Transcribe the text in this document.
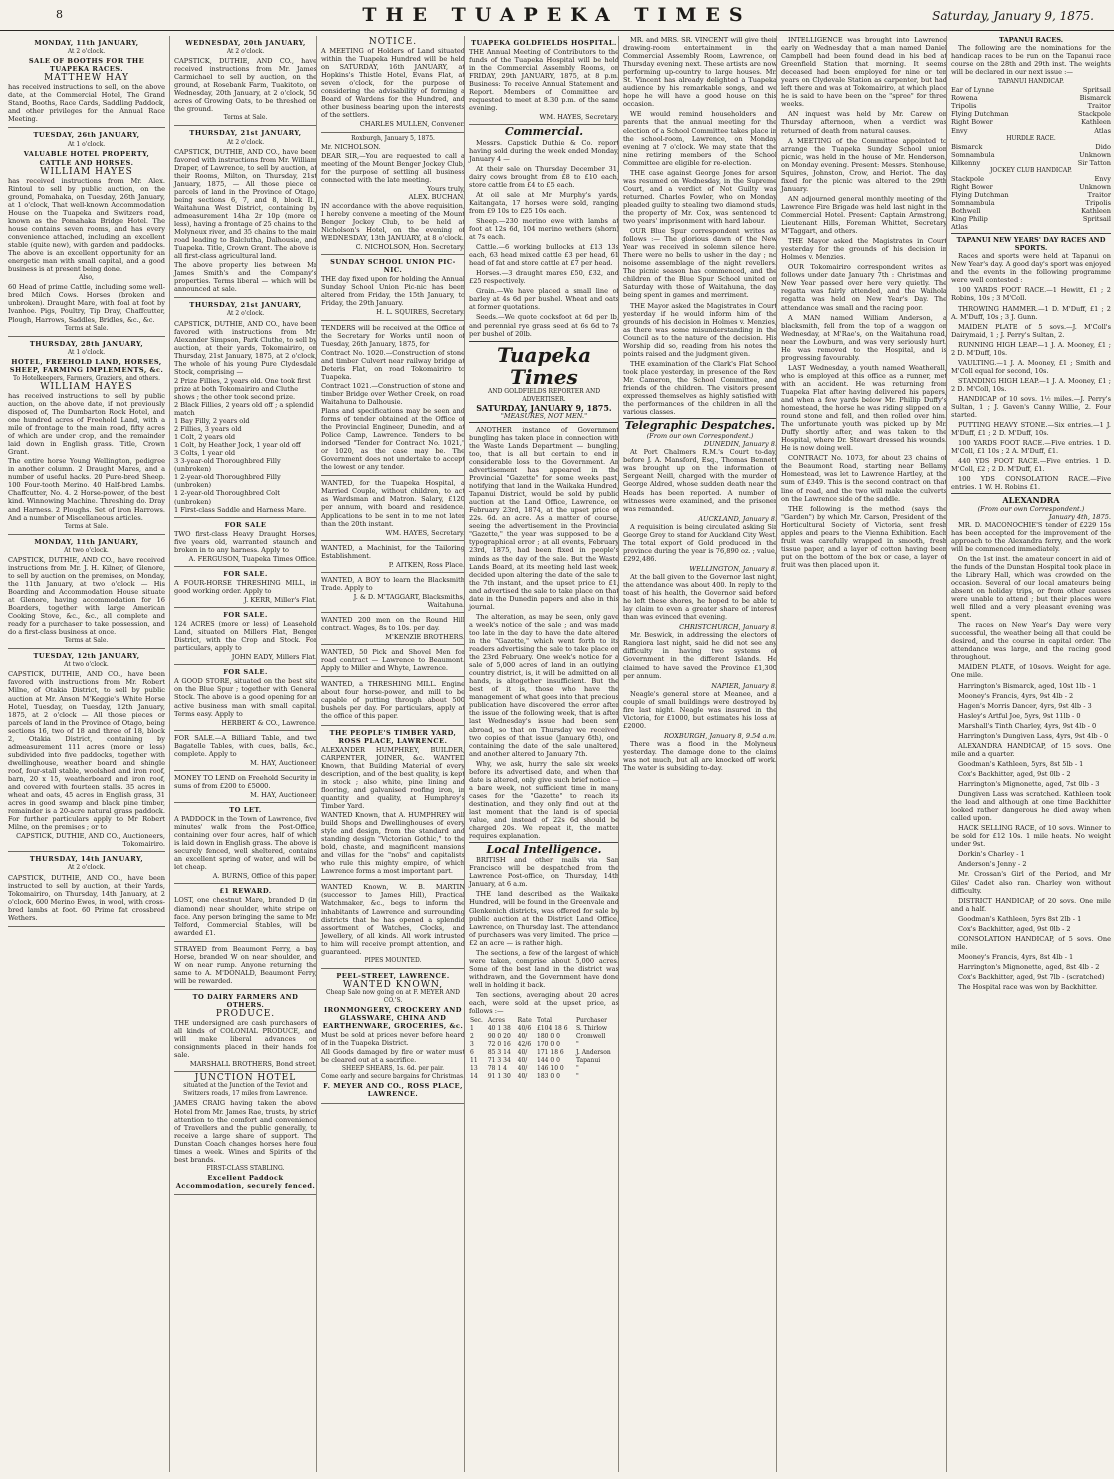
8	THE TUAPEKA TIMES	Saturday, January 9, 1875.
MONDAY, 11th JANUARY,
At 2 o'clock.
SALE OF BOOTHS FOR THE TUAPEKA RACES.
MATTHEW HAY

has received instructions to sell, on the above date, at the Commercial Hotel, The Grand Stand, Booths, Race Cards, Saddling Paddock, and other privileges for the Annual Race Meeting.

TUESDAY, 26th JANUARY,
At 1 o'clock.
VALUABLE HOTEL PROPERTY,
CATTLE AND HORSES.
WILLIAM HAYES

has received instructions from Mr. Alex. Rintoul to sell by public auction, on the ground, Pomahaka, on Tuesday, 26th January, at 1 o'clock, That well-known Accommodation House on the Tuapeka and Switzers road, known as the Pomahaka Bridge Hotel. The house contains seven rooms, and has every convenience attached, including an excellent stable (quite new), with garden and paddocks. The above is an excellent opportunity for an energetic man with small capital, and a good business is at present being done.

Also,

60 Head of prime Cattle, including some well-bred Milch Cows. Horses (broken and unbroken). Draught Mare, with foal at foot by Ivanhoe. Pigs, Poultry, Tip Dray, Chaffcutter, Plough, Harrows, Saddles, Bridles, &c., &c.

Terms at Sale.
THURSDAY, 28th JANUARY,
At 1 o'clock.
HOTEL, FREEHOLD LAND, HORSES, SHEEP, FARMING IMPLEMENTS, &c.
To Hotelkeepers, Farmers, Graziers, and others.
WILLIAM HAYES

has received instructions to sell by public auction, on the above date, if not previously disposed of, The Dumbarton Rock Hotel, and one hundred acres of Freehold Land, with a mile of frontage to the main road, fifty acres of which are under crop, and the remainder laid down in English grass. Title, Crown Grant.

The entire horse Young Wellington, pedigree in another column. 2 Draught Mares, and a number of useful hacks. 20 Pure-bred Sheep. 100 Four-tooth Merino. 40 Half-bred Lambs. Chaffcutter, No. 4. 2 Horse-power, of the best kind. Winnowing Machine. Threshing do. Dray and Harness. 2 Ploughs. Set of iron Harrows. And a number of Miscellaneous articles.

Terms at Sale.
MONDAY, 11th JANUARY,
At two o'clock.

CAPSTICK, DUTHIE, AND CO., have received instructions from Mr. J. H. Kilner, of Glenore, to sell by auction on the premises, on Monday, the 11th January, at two o'clock — His Boarding and Accommodation House situate at Glenore, having accommodation for 16 Boarders, together with large American Cooking Stove, &c., &c., all complete and ready for a purchaser to take possession, and do a first-class business at once.

Terms at Sale.
TUESDAY, 12th JANUARY,
At two o'clock.

CAPSTICK, DUTHIE, AND CO., have been favored with instructions from Mr. Robert Milne, of Otakia District, to sell by public auction at Mr. Anson M'Keggie's White Horse Hotel, Tuesday, on Tuesday, 12th January, 1875, at 2 o'clock — All those pieces or parcels of land in the Province of Otago, being sections 16, two of 18 and three of 18, block 2, Otakia District, containing by admeasurement 111 acres (more or less) subdivided into five paddocks, together with dwellinghouse, weather board and shingle roof, four-stall stable, woolshed and iron roof, barn, 20 x 15, weatherboard and iron roof, and covered with fourteen stalls. 35 acres in wheat and oats, 45 acres in English grass, 31 acres in good swamp and black pine timber, remainder is a 20-acre natural grass paddock. For further particulars apply to Mr Robert Milne, on the premises ; or to

CAPSTICK, DUTHIE, AND CO., Auctioneers, Tokomairiro.
THURSDAY, 14th JANUARY,
At 2 o'clock.

CAPSTICK, DUTHIE, AND CO., have been instructed to sell by auction, at their Yards, Tokomairiro, on Thursday, 14th January, at 2 o'clock, 600 Merino Ewes, in wool, with cross-bred lambs at foot. 60 Prime fat crossbred Wethers.

WEDNESDAY, 20th JANUARY,
At 2 o'clock.

CAPSTICK, DUTHIE, AND CO., have received instructions from Mr. James Carmichael to sell by auction, on the ground, at Rosebank Farm, Tuakitoto, on Wednesday, 20th January, at 2 o'clock, 50 acres of Growing Oats, to be threshed on the ground.

Terms at Sale.
THURSDAY, 21st JANUARY,
At 2 o'clock.

CAPSTICK, DUTHIE, AND CO., have been favored with instructions from Mr. William Draper, of Lawrence, to sell by auction, at their Rooms, Milton, on Thursday, 21st January, 1875, — All those piece or parcels of land in the Province of Otago, being sections 6, 7, and 8, block II., Waitahuna West District, containing by admeasurement 14ha 2r 10p (more or less), having a frontage of 25 chains to the Molyneux river, and 35 chains to the main road leading to Balclutha, Dalhousie, and Tuapeka. Title, Crown Grant. The above is all first-class agricultural land.

The above property lies between Mr James Smith's and the Company's properties. Terms liberal — which will be announced at sale.

THURSDAY, 21st JANUARY,
At 2 o'clock.

CAPSTICK, DUTHIE, AND CO., have been favored with instructions from Mr. Alexander Simpson, Park Cluthe, to sell by auction, at their yards, Tokomairiro, on Thursday, 21st January, 1875, at 2 o'clock, The whole of his young Pure Clydesdale Stock, comprising —

2 Prize Fillies, 2 years old. One took first prize at both Tokomairiro and Cluthe shows ; the other took second prize.
2 Black Fillies, 2 years old off ; a splendid match
1 Bay Filly, 2 years old
2 Fillies, 3 years old
1 Colt, 2 years old
1 Colt, by Heather Jock, 1 year old off
3 Colts, 1 year old
3 3-year-old Thoroughbred Filly (unbroken)
1 2-year-old Thoroughbred Filly (unbroken)
1 2-year-old Thoroughbred Colt (unbroken)
1 First-class Saddle and Harness Mare.
FOR SALE

TWO first-class Heavy Draught Horses, five years old, warranted staunch and broken in to any harness. Apply to

A. FERGUSON, Tuapeka Times Office.
FOR SALE.

A FOUR-HORSE THRESHING MILL, in good working order. Apply to

J. KERR, Miller's Flat.
FOR SALE.

124 ACRES (more or less) of Leasehold Land, situated on Millers Flat, Benger District, with the Crop and Stock. For particulars, apply to

JOHN EADY, Millers Flat.
FOR SALE.

A GOOD STORE, situated on the best site on the Blue Spur ; together with General Stock. The above is a good opening for an active business man with small capital. Terms easy. Apply to

HERBERT & CO., Lawrence.

FOR SALE.—A Billiard Table, and two Bagatelle Tables, with cues, balls, &c., complete. Apply to

M. HAY, Auctioneer.

MONEY TO LEND on Freehold Security in sums of from £200 to £5000.

M. HAY, Auctioneer.
TO LET.

A PADDOCK in the Town of Lawrence, five minutes' walk from the Post-Office, containing over four acres, half of which is laid down in English grass. The above is securely fenced, well sheltered, contains an excellent spring of water, and will be let cheap.

A. BURNS, Office of this paper.
£1 REWARD.

LOST, one chestnut Mare, branded D (in diamond) near shoulder, white stripe on face. Any person bringing the same to Mr. Telford, Commercial Stables, will be awarded £1.

STRAYED from Beaumont Ferry, a bay Horse, branded W on near shoulder, and W on near rump. Anyone returning the same to A. M'DONALD, Beaumont Ferry, will be rewarded.

TO DAIRY FARMERS AND OTHERS.
PRODUCE.

THE undersigned are cash purchasers of all kinds of COLONIAL PRODUCE, and will make liberal advances on consignments placed in their hands for sale.

MARSHALL BROTHERS, Bond street.
JUNCTION HOTEL
situated at the Junction of the Teviot and Switzers roads, 17 miles from Lawrence.

JAMES CRAIG having taken the above Hotel from Mr. James Rae, trusts, by strict attention to the comfort and convenience of Travellers and the public generally, to receive a large share of support. The Dunstan Coach changes horses here four times a week. Wines and Spirits of the best brands.

FIRST-CLASS STABLING.
Excellent Paddock Accommodation, securely fenced.
NOTICE.

A MEETING of Holders of Land situated within the Tuapeka Hundred will be held on SATURDAY, 16th JANUARY, at Hopkins's Thistle Hotel, Evans Flat, at seven o'clock, for the purpose of considering the advisability of forming a Board of Wardens for the Hundred, and other business bearing upon the interests of the settlers.

CHARLES MULLEN, Convener.
Roxburgh, January 5, 1875.
Mr. NICHOLSON.

DEAR SIR,—You are requested to call a meeting of the Mount Benger Jockey Club, for the purpose of settling all business connected with the late meeting.

Yours truly,
ALEX. BUCHAN.

IN accordance with the above requisition, I hereby convene a meeting of the Mount Benger Jockey Club, to be held at Nicholson's Hotel, on the evening of WEDNESDAY, 13th JANUARY, at 8 o'clock.

C. NICHOLSON, Hon. Secretary.
SUNDAY SCHOOL UNION PIC-NIC.

THE day fixed upon for holding the Annual Sunday School Union Pic-nic has been altered from Friday, the 15th January, to Friday, the 29th January.

H. L. SQUIRES, Secretary.

TENDERS will be received at the Office of the Secretary for Works until noon of Tuesday, 26th January, 1875, for

Contract No. 1020.—Construction of stone and timber Culvert near railway bridge at Deteris Flat, on road Tokomairiro to Tuapeka.

Contract 1021.—Construction of stone and timber Bridge over Wether Creek, on road Waitahuna to Dalhousie.

Plans and specifications may be seen and forms of tender obtained at the Office of the Provincial Engineer, Dunedin, and at Police Camp, Lawrence. Tenders to be indorsed "Tender for Contract No. 1021," or 1020, as the case may be. The Government does not undertake to accept the lowest or any tender.

WANTED, for the Tuapeka Hospital, a Married Couple, without children, to act as Wardsman and Matron. Salary, £120 per annum, with board and residence. Applications to be sent in to me not later than the 20th instant.

WM. HAYES, Secretary.

WANTED, a Machinist, for the Tailoring Establishment.

P. AITKEN, Ross Place.

WANTED, A BOY to learn the Blacksmith Trade. Apply to

J. & D. M'TAGGART, Blacksmiths, Waitahuna.

WANTED 200 men on the Round Hill contract. Wages, 8s to 10s. per day.

M'KENZIE BROTHERS.

WANTED, 50 Pick and Shovel Men for road contract — Lawrence to Beaumont. Apply to Miller and Whyte, Lawrence.

WANTED, a THRESHING MILL. Engine about four horse-power, and mill to be capable of putting through about 500 bushels per day. For particulars, apply at the office of this paper.

THE PEOPLE'S TIMBER YARD, ROSS PLACE, LAWRENCE.

ALEXANDER HUMPHREY, BUILDER, CARPENTER, JOINER, &c. WANTED Known, that Building Material of every description, and of the best quality, is kept in stock ; also white, pine lining and flooring, and galvanised roofing iron, in quantity and quality, at Humphrey's Timber Yard.

WANTED Known, that A. HUMPHREY will build Shops and Dwellinghouses of every style and design, from the standard and standing design "Victorian Gothic," to the bold, chaste, and magnificent mansions and villas for the "nobs" and capitalists who rule this mighty empire, of which Lawrence forms a most important part.

WANTED Known, W. B. MARTIN (successor to James Hill), Practical Watchmaker, &c., begs to inform the inhabitants of Lawrence and surrounding districts that he has opened a splendid assortment of Watches, Clocks, and Jewellery, of all kinds. All work intrusted to him will receive prompt attention, and guaranteed.

PIPES MOUNTED.
PEEL-STREET, LAWRENCE.
WANTED KNOWN,
Cheap Sale now going on at F. MEYER AND CO.'S.
IRONMONGERY, CROCKERY AND GLASSWARE, CHINA AND EARTHENWARE, GROCERIES, &c.

Must be sold at prices never before heard of in the Tuapeka District.

All Goods damaged by fire or water must be cleared out at a sacrifice.

SHEEP SHEARS, 1s. 6d. per pair.
Come early and secure bargains for Christmas.
F. MEYER AND CO., ROSS PLACE, LAWRENCE.
TUAPEKA GOLDFIELDS HOSPITAL.

THE Annual Meeting of Contributors to the funds of the Tuapeka Hospital will be held in the Commercial Assembly Rooms, on FRIDAY, 29th JANUARY, 1875, at 8 p.m. Business: To receive Annual Statement and Report. Members of Committee are requested to meet at 8.30 p.m. of the same evening.

WM. HAYES, Secretary.
Commercial.

Messrs. Capstick Duthie & Co. report having sold during the week ended Monday, January 4 —

At their sale on Thursday December 31, dairy cows brought from £8 to £10 each, store cattle from £4 to £5 each.

At oil sale at Mr Murphy's yards, Kaitangata, 17 horses were sold, ranging from £9 10s to £25 10s each.

Sheep.—230 merino ewe with lambs at foot at 12s 6d, 104 merino wethers (shorn) at 7s each.

Cattle.—6 working bullocks at £13 13s each, 63 head mixed cattle £3 per head, 61 head of fat and store cattle at £7 per head.

Horses.—3 draught mares £50, £32, and £25 respectively.

Grain.—We have placed a small line of barley at 4s 6d per bushel. Wheat and oats at former quotations.

Seeds.—We quote cocksfoot at 6d per lb, and perennial rye grass seed at 6s 6d to 7s per bushel of 20lb.

Tuapeka Times
AND GOLDFIELDS REPORTER AND ADVERTISER.
SATURDAY, JANUARY 9, 1875.
"MEASURES, NOT MEN."

ANOTHER instance of Government bungling has taken place in connection with the Waste Lands Department — bungling, too, that is all but certain to end in considerable loss to the Government. An advertisement has appeared in the Provincial "Gazette" for some weeks past, notifying that land in the Waikaka Hundred, Tapanui District, would be sold by public auction at the Land Office, Lawrence, on February 23rd, 1874, at the upset price of 22s. 6d. an acre. As a matter of course, seeing the advertisement in the Provincial "Gazette," the year was supposed to be a typographical error ; at all events, February 23rd, 1875, had been fixed in people's minds as the day of the sale. But the Waste Lands Board, at its meeting held last week, decided upon altering the date of the sale to the 7th instant, and the upset price to £1, and advertised the sale to take place on that date in the Dunedin papers and also in this journal.

The alteration, as may be seen, only gave a week's notice of the sale ; and was made too late in the day to have the date altered in the "Gazette," which went forth to its readers advertising the sale to take place on the 23rd February. One week's notice for a sale of 5,000 acres of land in an outlying country district, is, it will be admitted on all hands, is altogether insufficient. But the best of it is, those who have the management of what goes into that precious publication have discovered the error after the issue of the following week, that is after last Wednesday's issue had been sent abroad, so that on Thursday we received two copies of that issue (January 6th), one containing the date of the sale unaltered, and another altered to January 7th.

Why, we ask, hurry the sale six weeks before its advertised date, and when that date is altered, only give such brief notice — a bare week, not sufficient time in many cases for the "Gazette" to reach its destination, and they only find out at the last moment that the land is of special value, and instead of 22s 6d should be charged 20s. We repeat it, the matter requires explanation.

Local Intelligence.

BRITISH and other mails via San Francisco will be despatched from the Lawrence Post-office, on Thursday, 14th January, at 6 a.m.

THE land described as the Waikaka Hundred, will be found in the Greenvale and Glenkenich districts, was offered for sale by public auction at the District Land Office, Lawrence, on Thursday last. The attendance of purchasers was very limited. The price — £2 an acre — is rather high.

The sections, a few of the largest of which were taken, comprise about 5,000 acres. Some of the best land in the district was withdrawn, and the Government have done well in holding it back.

Ten sections, averaging about 20 acres each, were sold at the upset price, as follows :—

Sec.	Acres	Rate	Total	Purchaser
1	40 1 38	40/6	£104 18 6	S. Thirlow
2	90 0 20	40/	180 0 0	Cromwell
3	72 0 16	42/6	170 0 0	"
6	85 3 14	40/	171 18 6	J. Anderson
11	71 3 34	40/	144 0 0	Tapanui
13	78 1 4	40/	146 10 0	"
14	91 1 30	40/	183 0 0	"

MR. and MRS. SR. VINCENT will give their drawing-room entertainment in the Commercial Assembly Room, Lawrence, on Thursday evening next. These artists are now performing up-country to large houses. Mr. St. Vincent has already delighted a Tuapeka audience by his remarkable songs, and we hope he will have a good house on this occasion.

WE would remind householders and parents that the annual meeting for the election of a School Committee takes place in the school-room, Lawrence, on Monday evening at 7 o'clock. We may state that the nine retiring members of the School Committee are eligible for re-election.

THE case against George Jones for arson was resumed on Wednesday, in the Supreme Court, and a verdict of Not Guilty was returned. Charles Fowler, who on Monday pleaded guilty to stealing two diamond studs, the property of Mr. Cox, was sentenced to two years' imprisonment with hard labour.

OUR Blue Spur correspondent writes as follows :— The glorious dawn of the New Year was received in solemn silence here. There were no bells to usher in the day ; no noisome assemblage of the night revellers. The picnic season has commenced, and the children of the Blue Spur School united on Saturday with those of Waitahuna, the day being spent in games and merriment.

THE Mayor asked the Magistrates in Court yesterday if he would inform him of the grounds of his decision in Holmes v. Menzies, as there was some misunderstanding in the Council as to the nature of the decision. His Worship did so, reading from his notes the points raised and the judgment given.

THE examination of the Clark's Flat School took place yesterday, in presence of the Rev. Mr. Cameron, the School Committee, and friends of the children. The visitors present expressed themselves as highly satisfied with the performances of the children in all the various classes.

Telegraphic Despatches.
(From our own Correspondent.)
DUNEDIN, January 8.

At Port Chalmers R.M.'s Court to-day, before J. A. Mansford, Esq., Thomas Bennett was brought up on the information of Sergeant Neill, charged with the murder of George Aldred, whose sudden death near the Heads has been reported. A number of witnesses were examined, and the prisoner was remanded.

AUCKLAND, January 8.

A requisition is being circulated asking Sir George Grey to stand for Auckland City West. The total export of Gold produced in the province during the year is 76,890 oz. ; value, £292,486.

WELLINGTON, January 8.

At the ball given to the Governor last night, the attendance was about 400. In reply to the toast of his health, the Governor said before he left these shores, he hoped to be able to lay claim to even a greater share of interest than was evinced that evening.

CHRISTCHURCH, January 8.

Mr. Beswick, in addressing the electors of Rangiora last night, said he did not see any difficulty in having two systems of Government in the different Islands. He claimed to have saved the Province £1,300 per annum.

NAPIER, January 8.

Neagle's general store at Meanee, and a couple of small buildings were destroyed by fire last night. Neagle was insured in the Victoria, for £1000, but estimates his loss at £2000.

ROXBURGH, January 8, 9.54 a.m.

There was a flood in the Molyneux yesterday. The damage done to the claims was not much, but all are knocked off work. The water is subsiding to-day.

INTELLIGENCE was brought into Lawrence early on Wednesday that a man named Daniel Campbell had been found dead in his bed at Greenfield Station that morning. It seems deceased had been employed for nine or ten years on Clydevale Station as carpenter, but had left there and was at Tokomairiro, at which place he is said to have been on the "spree" for three weeks.

AN inquest was held by Mr. Carew on Thursday afternoon, when a verdict was returned of death from natural causes.

A MEETING of the Committee appointed to arrange the Tuapeka Sunday School union picnic, was held in the house of Mr. Henderson, on Monday evening. Present: Messrs. Stenhouse, Squires, Johnston, Crow, and Heriot. The day fixed for the picnic was altered to the 29th January.

AN adjourned general monthly meeting of the Lawrence Fire Brigade was held last night in the Commercial Hotel. Present: Captain Armstrong, Lieutenant Hills, Foreman Whittet, Secretary M'Taggart, and others.

THE Mayor asked the Magistrates in Court yesterday for the grounds of his decision in Holmes v. Menzies.

OUR Tokomairiro correspondent writes as follows under date January 7th : Christmas and New Year passed over here very quietly. The regatta was fairly attended, and the Waihola regatta was held on New Year's Day. The attendance was small and the racing poor.

A MAN named William Anderson, a blacksmith, fell from the top of a waggon on Wednesday, at M'Rae's, on the Waitahuna road, near the Lowburn, and was very seriously hurt. He was removed to the Hospital, and is progressing favourably.

LAST Wednesday, a youth named Weatherall, who is employed at this office as a runner, met with an accident. He was returning from Tuapeka Flat after having delivered his papers, and when a few yards below Mr. Phillip Duffy's homestead, the horse he was riding slipped on a round stone and fell, and then rolled over him. The unfortunate youth was picked up by Mr. Duffy shortly after, and was taken to the Hospital, where Dr. Stewart dressed his wounds. He is now doing well.

CONTRACT No. 1073, for about 23 chains of the Beaumont Road, starting near Bellamy Homestead, was let to Lawrence Hartley, at the sum of £349. This is the second contract on that line of road, and the two will make the culverts on the Lawrence side of the saddle.

THE following is the method (says the "Garden") by which Mr. Carson, President of the Horticultural Society of Victoria, sent fresh apples and pears to the Vienna Exhibition. Each fruit was carefully wrapped in smooth, fresh tissue paper, and a layer of cotton having been put on the bottom of the box or case, a layer of fruit was then placed upon it.

TAPANUI RACES.

The following are the nominations for the handicap races to be run on the Tapanui race course on the 28th and 29th inst. The weights will be declared in our next issue :—

TAPANUI HANDICAP.
Ear of Lynne	Spritsail
Rowena	Bismarck
Tripolis	Traitor
Flying Dutchman	Stackpole
Right Bower	Kathleen
Envy	Atlas
HURDLE RACE.
Bismarck	Dido
Somnambula	Unknown
Kilkenny	Sir Tatton
JOCKEY CLUB HANDICAP.
Stackpole	Envy
Right Bower	Unknown
Flying Dutchman	Traitor
Somnambula	Tripolis
Bothwell	Kathleen
King Philip	Spritsail
Atlas
TAPANUI NEW YEARS' DAY RACES AND SPORTS.

Races and sports were held at Tapanui on New Year's day. A good day's sport was enjoyed and the events in the following programme were well contested :

100 YARDS FOOT RACE.—1 Hewitt, £1 ; 2 Robins, 10s ; 3 M'Coll.

THROWING HAMMER.—1 D. M'Duff, £1 ; 2 A. M'Duff, 10s ; 3 J. Gunn.

MAIDEN PLATE of 5 sovs.—J. M'Coll's Dairymaid, 1 ; J. Perry's Sultan, 2.

RUNNING HIGH LEAP.—1 J. A. Mooney, £1 ; 2 D. M'Duff, 10s.

VAULTING.—1 J. A. Mooney, £1 ; Smith and M'Coll equal for second, 10s.

STANDING HIGH LEAP.—1 J. A. Mooney, £1 ; 2 D. M'Coll, 10s.

HANDICAP of 10 sovs. 1½ miles.—J. Perry's Sultan, 1 ; J. Gaven's Canny Willie, 2. Four started.

PUTTING HEAVY STONE.—Six entries.—1 J. M'Duff, £1 ; 2 D. M'Duff, 10s.

100 YARDS FOOT RACE.—Five entries. 1 D. M'Coll, £1 10s ; 2 A. M'Duff, £1.

440 YDS FOOT RACE.—Five entries. 1 D. M'Coll, £2 ; 2 D. M'Duff, £1.

100 YDS CONSOLATION RACE.—Five entries. 1 W. H. Robins £1.

ALEXANDRA
(From our own Correspondent.)
January 4th, 1875.

MR. D. MACONOCHIE'S tender of £229 15s has been accepted for the improvement of the approach to the Alexandra ferry, and the work will be commenced immediately.

On the 1st inst. the amateur concert in aid of the funds of the Dunstan Hospital took place in the Library Hall, which was crowded on the occasion. Several of our local amateurs being absent on holiday trips, or from other causes were unable to attend ; but their places were well filled and a very pleasant evening was spent.

The races on New Year's Day were very successful, the weather being all that could be desired, and the course in capital order. The attendance was large, and the racing good throughout.

MAIDEN PLATE, of 10sovs. Weight for age. One mile.

Harrington's Bismarck, aged, 10st 1lb - 1

Mooney's Francis, 4yrs, 9st 4lb - 2

Hagen's Morris Dancer, 4yrs, 9st 4lb - 3

Hasley's Artful Joe, 5yrs, 9st 11lb - 0

Marshall's Tinth Charley, 4yrs, 9st 4lb - 0

Harrington's Dungiven Lass, 4yrs, 9st 4lb - 0

ALEXANDRA HANDICAP, of 15 sovs. One mile and a quarter.

Goodman's Kathleen, 5yrs, 8st 5lb - 1

Cox's Backhitter, aged, 9st 0lb - 2

Harrington's Mignonette, aged, 7st 0lb - 3

Dungiven Lass was scratched. Kathleen took the lead and although at one time Backhitter looked rather dangerous he died away when called upon.

HACK SELLING RACE, of 10 sovs. Winner to be sold for £12 10s. 1 mile heats. No weight under 9st.

Dorkin's Charley - 1

Anderson's Jenny - 2

Mr. Crossan's Girl of the Period, and Mr Giles' Cadet also ran. Charley won without difficulty.

DISTRICT HANDICAP, of 20 sovs. One mile and a half.

Goodman's Kathleen, 5yrs 8st 2lb - 1

Cox's Backhitter, aged, 9st 0lb - 2

CONSOLATION HANDICAP, of 5 sovs. One mile.

Mooney's Francis, 4yrs, 8st 4lb - 1

Harrington's Mignonette, aged, 8st 4lb - 2

Cox's Backhitter, aged, 9st 7lb - (scratched)

The Hospital race was won by Backhitter.
